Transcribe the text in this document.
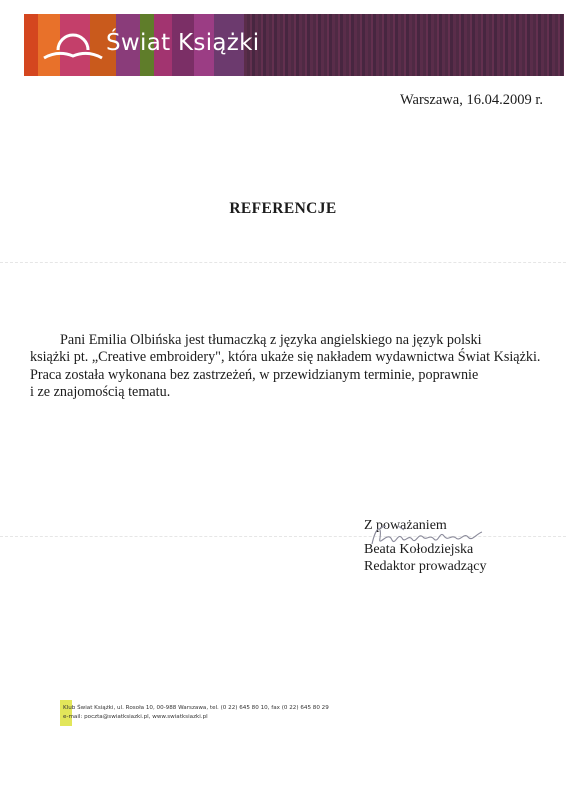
Świat Książki
Warszawa, 16.04.2009 r.
REFERENCJE
Pani Emilia Olbińska jest tłumaczką z języka angielskiego na język polski
książki pt. „Creative embroidery", która ukaże się nakładem wydawnictwa Świat Książki.
Praca została wykonana bez zastrzeżeń, w przewidzianym terminie, poprawnie
i ze znajomością tematu.
Z poważaniem
Beata Kołodziejska
Redaktor prowadzący
Klub Świat Książki, ul. Rosoła 10, 00-988 Warszawa, tel. (0 22) 645 80 10, fax (0 22) 645 80 29
e-mail: poczta@swiatksiazki.pl, www.swiatksiazki.pl
